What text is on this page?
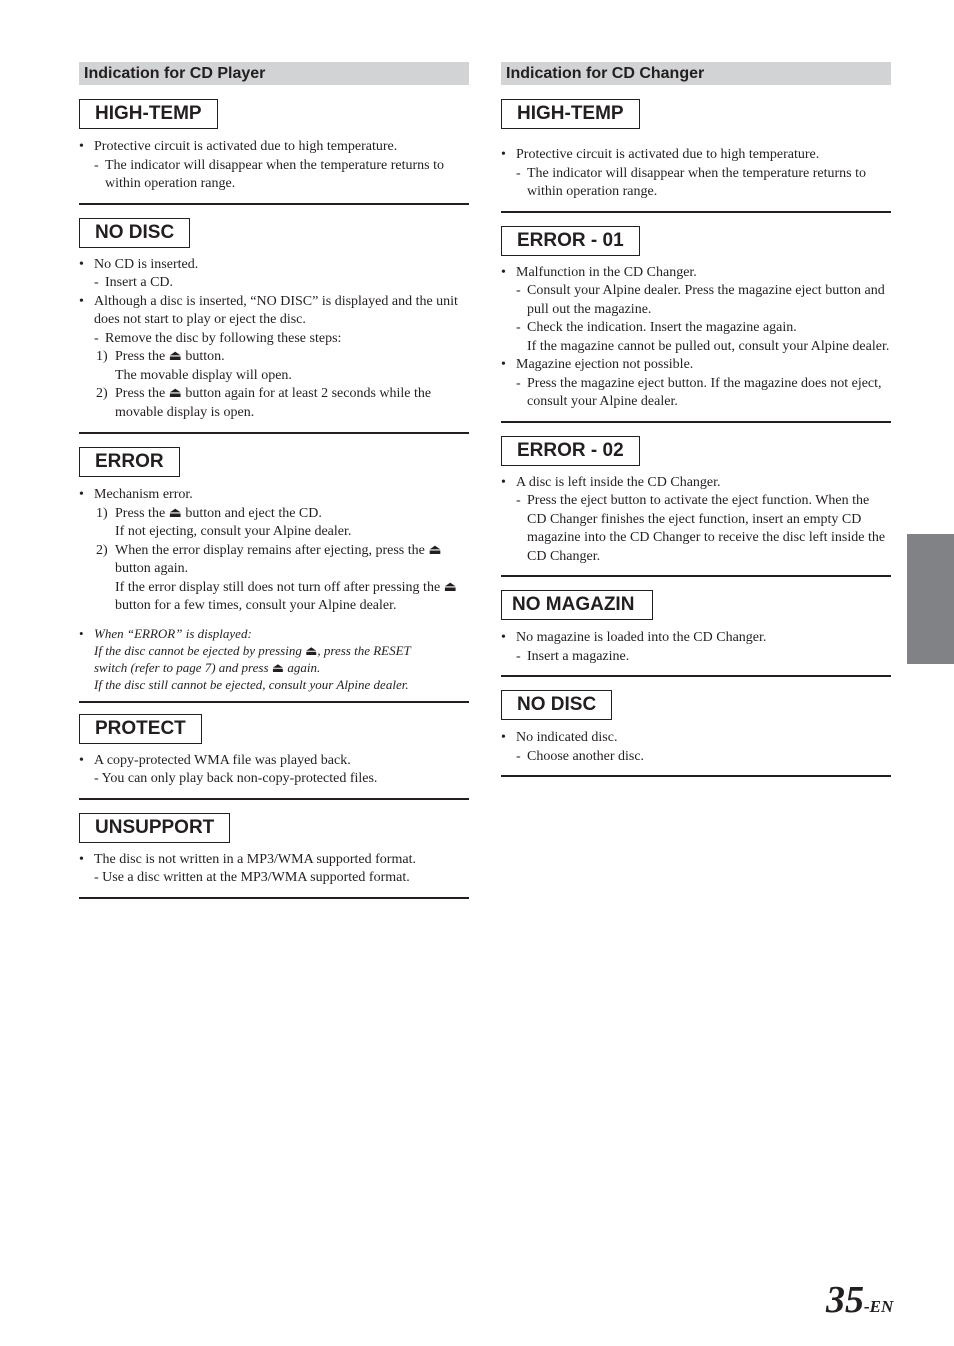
Indication for CD Player
HIGH-TEMP
• Protective circuit is activated due to high temperature.
- The indicator will disappear when the temperature returns to within operation range.
NO DISC
• No CD is inserted.
- Insert a CD.
• Although a disc is inserted, “NO DISC” is displayed and the unit does not start to play or eject the disc.
- Remove the disc by following these steps:
1) Press the ⏏ button.
The movable display will open.
2) Press the ⏏ button again for at least 2 seconds while the movable display is open.
ERROR
• Mechanism error.
1) Press the ⏏ button and eject the CD.
If not ejecting, consult your Alpine dealer.
2) When the error display remains after ejecting, press the ⏏ button again.
If the error display still does not turn off after pressing the ⏏ button for a few times, consult your Alpine dealer.
• When “ERROR” is displayed:
If the disc cannot be ejected by pressing ⏏, press the RESET
switch (refer to page 7) and press ⏏ again.
If the disc still cannot be ejected, consult your Alpine dealer.
PROTECT
• A copy-protected WMA file was played back.
- You can only play back non-copy-protected files.
UNSUPPORT
• The disc is not written in a MP3/WMA supported format.
- Use a disc written at the MP3/WMA supported format.
Indication for CD Changer
HIGH-TEMP
• Protective circuit is activated due to high temperature.
- The indicator will disappear when the temperature returns to within operation range.
ERROR - 01
• Malfunction in the CD Changer.
- Consult your Alpine dealer. Press the magazine eject button and pull out the magazine.
- Check the indication. Insert the magazine again.
If the magazine cannot be pulled out, consult your Alpine dealer.
• Magazine ejection not possible.
- Press the magazine eject button. If the magazine does not eject, consult your Alpine dealer.
ERROR - 02
• A disc is left inside the CD Changer.
- Press the eject button to activate the eject function. When the CD Changer finishes the eject function, insert an empty CD magazine into the CD Changer to receive the disc left inside the CD Changer.
NO MAGAZIN
• No magazine is loaded into the CD Changer.
- Insert a magazine.
NO DISC
• No indicated disc.
- Choose another disc.
35-EN
